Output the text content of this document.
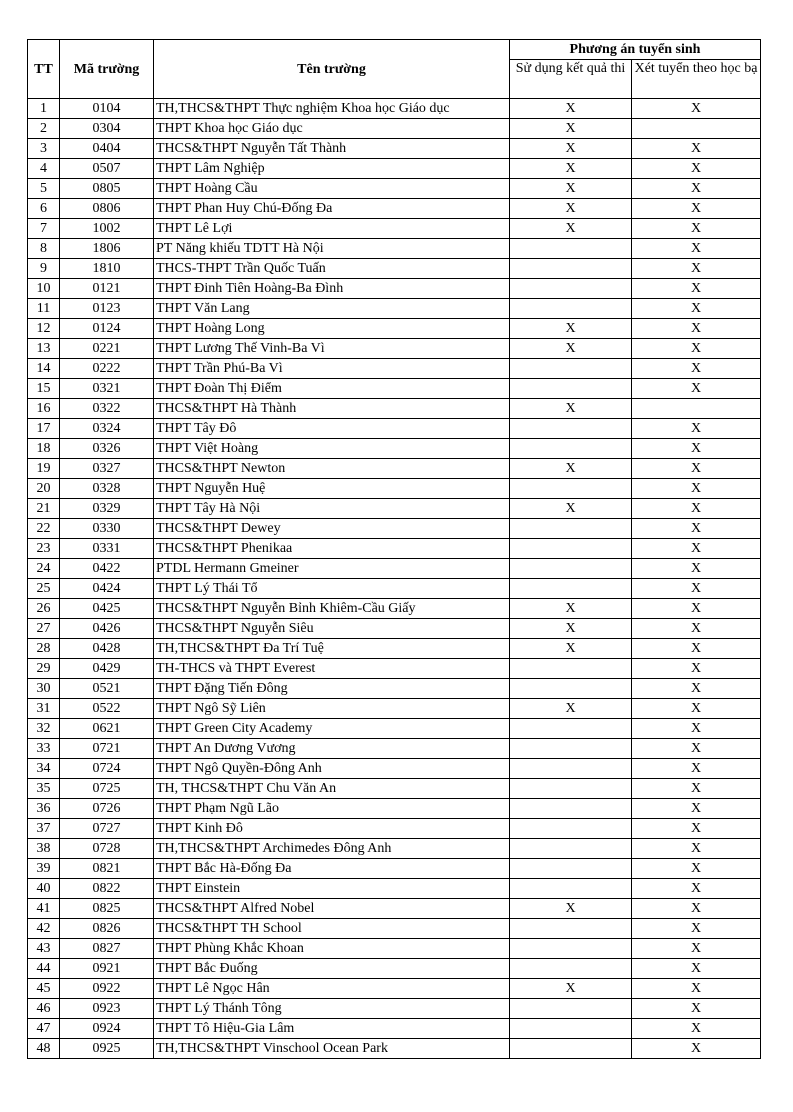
TT	Mã trường	Tên trường	Phương án tuyển sinh	
			Sử dụng kết quả thi	Xét tuyển theo học bạ
1	0104	TH,THCS&THPT Thực nghiệm Khoa học Giáo dục	X	X
2	0304	THPT Khoa học Giáo dục	X	
3	0404	THCS&THPT Nguyễn Tất Thành	X	X
4	0507	THPT Lâm Nghiệp	X	X
5	0805	THPT Hoàng Cầu	X	X
6	0806	THPT Phan Huy Chú-Đống Đa	X	X
7	1002	THPT Lê Lợi	X	X
8	1806	PT Năng khiếu TDTT Hà Nội		X
9	1810	THCS-THPT Trần Quốc Tuấn		X
10	0121	THPT Đinh Tiên Hoàng-Ba Đình		X
11	0123	THPT Văn Lang		X
12	0124	THPT Hoàng Long	X	X
13	0221	THPT Lương Thế Vinh-Ba Vì	X	X
14	0222	THPT Trần Phú-Ba Vì		X
15	0321	THPT Đoàn Thị Điểm		X
16	0322	THCS&THPT Hà Thành	X	
17	0324	THPT Tây Đô		X
18	0326	THPT Việt Hoàng		X
19	0327	THCS&THPT Newton	X	X
20	0328	THPT Nguyễn Huệ		X
21	0329	THPT Tây Hà Nội	X	X
22	0330	THCS&THPT Dewey		X
23	0331	THCS&THPT Phenikaa		X
24	0422	PTDL Hermann Gmeiner		X
25	0424	THPT Lý Thái Tổ		X
26	0425	THCS&THPT Nguyễn Bỉnh Khiêm-Cầu Giấy	X	X
27	0426	THCS&THPT Nguyễn Siêu	X	X
28	0428	TH,THCS&THPT Đa Trí Tuệ	X	X
29	0429	TH-THCS và THPT Everest		X
30	0521	THPT Đặng Tiến Đông		X
31	0522	THPT Ngô Sỹ Liên	X	X
32	0621	THPT Green City Academy		X
33	0721	THPT An Dương Vương		X
34	0724	THPT Ngô Quyền-Đông Anh		X
35	0725	TH, THCS&THPT Chu Văn An		X
36	0726	THPT Phạm Ngũ Lão		X
37	0727	THPT Kinh Đô		X
38	0728	TH,THCS&THPT Archimedes Đông Anh		X
39	0821	THPT Bắc Hà-Đống Đa		X
40	0822	THPT Einstein		X
41	0825	THCS&THPT Alfred Nobel	X	X
42	0826	THCS&THPT TH School		X
43	0827	THPT Phùng Khắc Khoan		X
44	0921	THPT Bắc Đuống		X
45	0922	THPT Lê Ngọc Hân	X	X
46	0923	THPT Lý Thánh Tông		X
47	0924	THPT Tô Hiệu-Gia Lâm		X
48	0925	TH,THCS&THPT Vinschool Ocean Park		X
